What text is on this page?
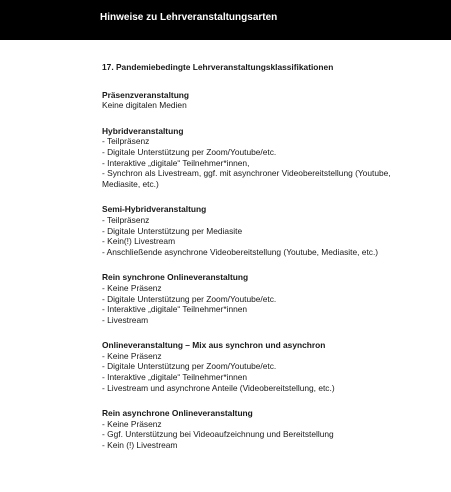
Hinweise zu Lehrveranstaltungsarten
17. Pandemiebedingte Lehrveranstaltungsklassifikationen
Präsenzveranstaltung
Keine digitalen Medien
Hybridveranstaltung
- Teilpräsenz
- Digitale Unterstützung per Zoom/Youtube/etc.
- Interaktive „digitale“ Teilnehmer*innen,
- Synchron als Livestream, ggf. mit asynchroner Videobereitstellung (Youtube, Mediasite, etc.)
Semi-Hybridveranstaltung
- Teilpräsenz
- Digitale Unterstützung per Mediasite
- Kein(!) Livestream
- Anschließende asynchrone Videobereitstellung (Youtube, Mediasite, etc.)
Rein synchrone Onlineveranstaltung
- Keine Präsenz
- Digitale Unterstützung per Zoom/Youtube/etc.
- Interaktive „digitale“ Teilnehmer*innen
- Livestream
Onlineveranstaltung – Mix aus synchron und asynchron
- Keine Präsenz
- Digitale Unterstützung per Zoom/Youtube/etc.
- Interaktive „digitale“ Teilnehmer*innen
- Livestream und asynchrone Anteile (Videobereitstellung, etc.)
Rein asynchrone Onlineveranstaltung
- Keine Präsenz
- Ggf. Unterstützung bei Videoaufzeichnung und Bereitstellung
- Kein (!) Livestream
